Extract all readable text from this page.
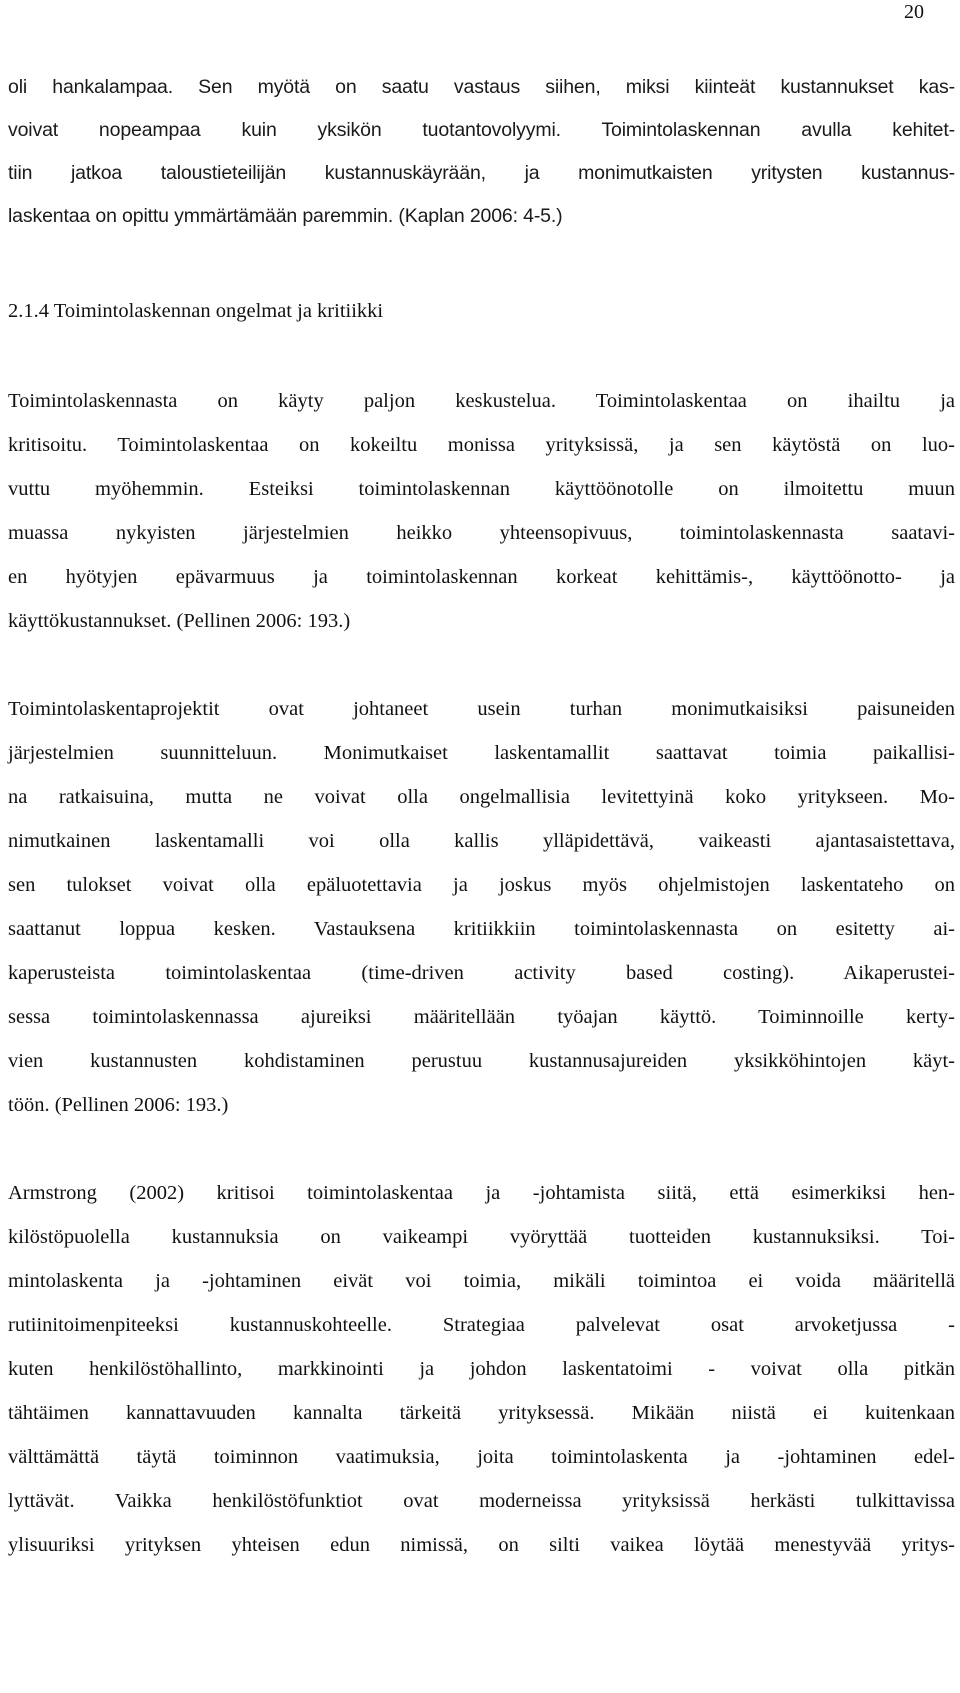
20
oli hankalampaa. Sen myötä on saatu vastaus siihen, miksi kiinteät kustannukset kas-
voivat nopeampaa kuin yksikön tuotantovolyymi. Toimintolaskennan avulla kehitet-
tiin jatkoa taloustieteilijän kustannuskäyrään, ja monimutkaisten yritysten kustannus-
laskentaa on opittu ymmärtämään paremmin. (Kaplan 2006: 4-5.)
2.1.4 Toimintolaskennan ongelmat ja kritiikki
Toimintolaskennasta on käyty paljon keskustelua. Toimintolaskentaa on ihailtu ja
kritisoitu. Toimintolaskentaa on kokeiltu monissa yrityksissä, ja sen käytöstä on luo-
vuttu myöhemmin. Esteiksi toimintolaskennan käyttöönotolle on ilmoitettu muun
muassa nykyisten järjestelmien heikko yhteensopivuus, toimintolaskennasta saatavi-
en hyötyjen epävarmuus ja toimintolaskennan korkeat kehittämis-, käyttöönotto- ja
käyttökustannukset. (Pellinen 2006: 193.)
Toimintolaskentaprojektit ovat johtaneet usein turhan monimutkaisiksi paisuneiden
järjestelmien suunnitteluun. Monimutkaiset laskentamallit saattavat toimia paikallisi-
na ratkaisuina, mutta ne voivat olla ongelmallisia levitettyinä koko yritykseen. Mo-
nimutkainen laskentamalli voi olla kallis ylläpidettävä, vaikeasti ajantasaistettava,
sen tulokset voivat olla epäluotettavia ja joskus myös ohjelmistojen laskentateho on
saattanut loppua kesken. Vastauksena kritiikkiin toimintolaskennasta on esitetty ai-
kaperusteista toimintolaskentaa (time-driven activity based costing). Aikaperustei-
sessa toimintolaskennassa ajureiksi määritellään työajan käyttö. Toiminnoille kerty-
vien kustannusten kohdistaminen perustuu kustannusajureiden yksikköhintojen käyt-
töön. (Pellinen 2006: 193.)
Armstrong (2002) kritisoi toimintolaskentaa ja -johtamista siitä, että esimerkiksi hen-
kilöstöpuolella kustannuksia on vaikeampi vyöryttää tuotteiden kustannuksiksi. Toi-
mintolaskenta ja -johtaminen eivät voi toimia, mikäli toimintoa ei voida määritellä
rutiinitoimenpiteeksi kustannuskohteelle. Strategiaa palvelevat osat arvoketjussa -
kuten henkilöstöhallinto, markkinointi ja johdon laskentatoimi - voivat olla pitkän
tähtäimen kannattavuuden kannalta tärkeitä yrityksessä. Mikään niistä ei kuitenkaan
välttämättä täytä toiminnon vaatimuksia, joita toimintolaskenta ja -johtaminen edel-
lyttävät. Vaikka henkilöstöfunktiot ovat moderneissa yrityksissä herkästi tulkittavissa
ylisuuriksi yrityksen yhteisen edun nimissä, on silti vaikea löytää menestyvää yritys-
